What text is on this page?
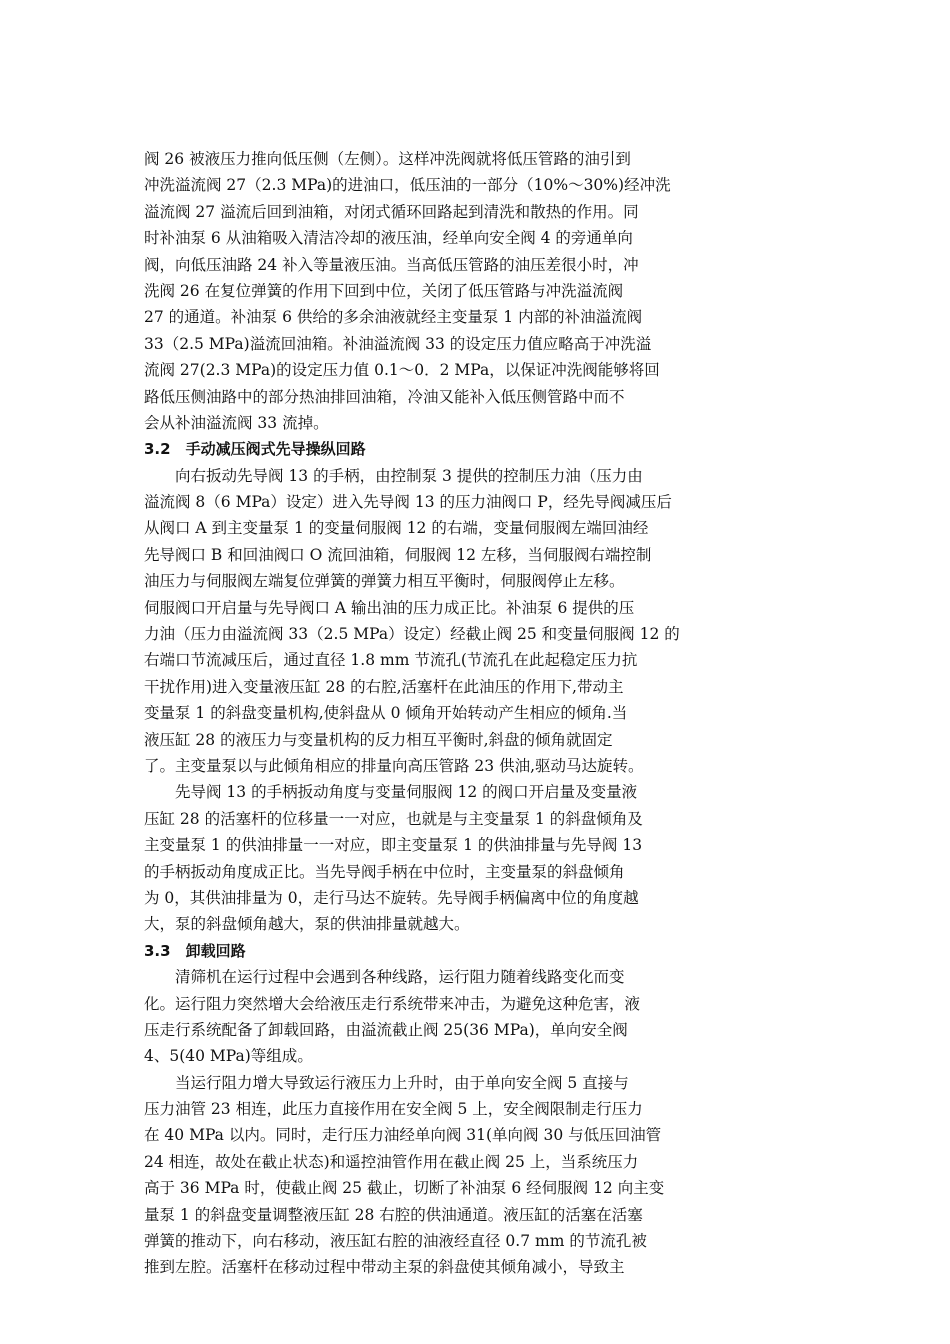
阀 26 被液压力推向低压侧（左侧）。这样冲洗阀就将低压管路的油引到
冲洗溢流阀 27（2.3 MPa)的进油口，低压油的一部分（10%～30%)经冲洗
溢流阀 27 溢流后回到油箱，对闭式循环回路起到清洗和散热的作用。同
时补油泵 6 从油箱吸入清洁冷却的液压油，经单向安全阀 4 的旁通单向
阀，向低压油路 24 补入等量液压油。当高低压管路的油压差很小时，冲
洗阀 26 在复位弹簧的作用下回到中位，关闭了低压管路与冲洗溢流阀
27 的通道。补油泵 6 供给的多余油液就经主变量泵 1 内部的补油溢流阀
33（2.5 MPa)溢流回油箱。补油溢流阀 33 的设定压力值应略高于冲洗溢
流阀 27(2.3 MPa)的设定压力值 0.1～0．2 MPa，以保证冲洗阀能够将回
路低压侧油路中的部分热油排回油箱，冷油又能补入低压侧管路中而不
会从补油溢流阀 33 流掉。
3.2　手动减压阀式先导操纵回路
向右扳动先导阀 13 的手柄，由控制泵 3 提供的控制压力油（压力由
溢流阀 8（6 MPa）设定）进入先导阀 13 的压力油阀口 P，经先导阀减压后
从阀口 A 到主变量泵 1 的变量伺服阀 12 的右端，变量伺服阀左端回油经
先导阀口 B 和回油阀口 O 流回油箱，伺服阀 12 左移，当伺服阀右端控制
油压力与伺服阀左端复位弹簧的弹簧力相互平衡时，伺服阀停止左移。
伺服阀口开启量与先导阀口 A 输出油的压力成正比。补油泵 6 提供的压
力油（压力由溢流阀 33（2.5 MPa）设定）经截止阀 25 和变量伺服阀 12 的
右端口节流减压后，通过直径 1.8 mm 节流孔(节流孔在此起稳定压力抗
干扰作用)进入变量液压缸 28 的右腔,活塞杆在此油压的作用下,带动主
变量泵 1 的斜盘变量机构,使斜盘从 0 倾角开始转动产生相应的倾角.当
液压缸 28 的液压力与变量机构的反力相互平衡时,斜盘的倾角就固定
了。主变量泵以与此倾角相应的排量向高压管路 23 供油,驱动马达旋转。
先导阀 13 的手柄扳动角度与变量伺服阀 12 的阀口开启量及变量液
压缸 28 的活塞杆的位移量一一对应，也就是与主变量泵 1 的斜盘倾角及
主变量泵 1 的供油排量一一对应，即主变量泵 1 的供油排量与先导阀 13
的手柄扳动角度成正比。当先导阀手柄在中位时，主变量泵的斜盘倾角
为 0，其供油排量为 0，走行马达不旋转。先导阀手柄偏离中位的角度越
大，泵的斜盘倾角越大，泵的供油排量就越大。
3.3　卸载回路
清筛机在运行过程中会遇到各种线路，运行阻力随着线路变化而变
化。运行阻力突然增大会给液压走行系统带来冲击，为避免这种危害，液
压走行系统配备了卸载回路，由溢流截止阀 25(36 MPa)，单向安全阀
4、5(40 MPa)等组成。
当运行阻力增大导致运行液压力上升时，由于单向安全阀 5 直接与
压力油管 23 相连，此压力直接作用在安全阀 5 上，安全阀限制走行压力
在 40 MPa 以内。同时，走行压力油经单向阀 31(单向阀 30 与低压回油管
24 相连，故处在截止状态)和遥控油管作用在截止阀 25 上，当系统压力
高于 36 MPa 时，使截止阀 25 截止，切断了补油泵 6 经伺服阀 12 向主变
量泵 1 的斜盘变量调整液压缸 28 右腔的供油通道。液压缸的活塞在活塞
弹簧的推动下，向右移动，液压缸右腔的油液经直径 0.7 mm 的节流孔被
推到左腔。活塞杆在移动过程中带动主泵的斜盘使其倾角减小，导致主
